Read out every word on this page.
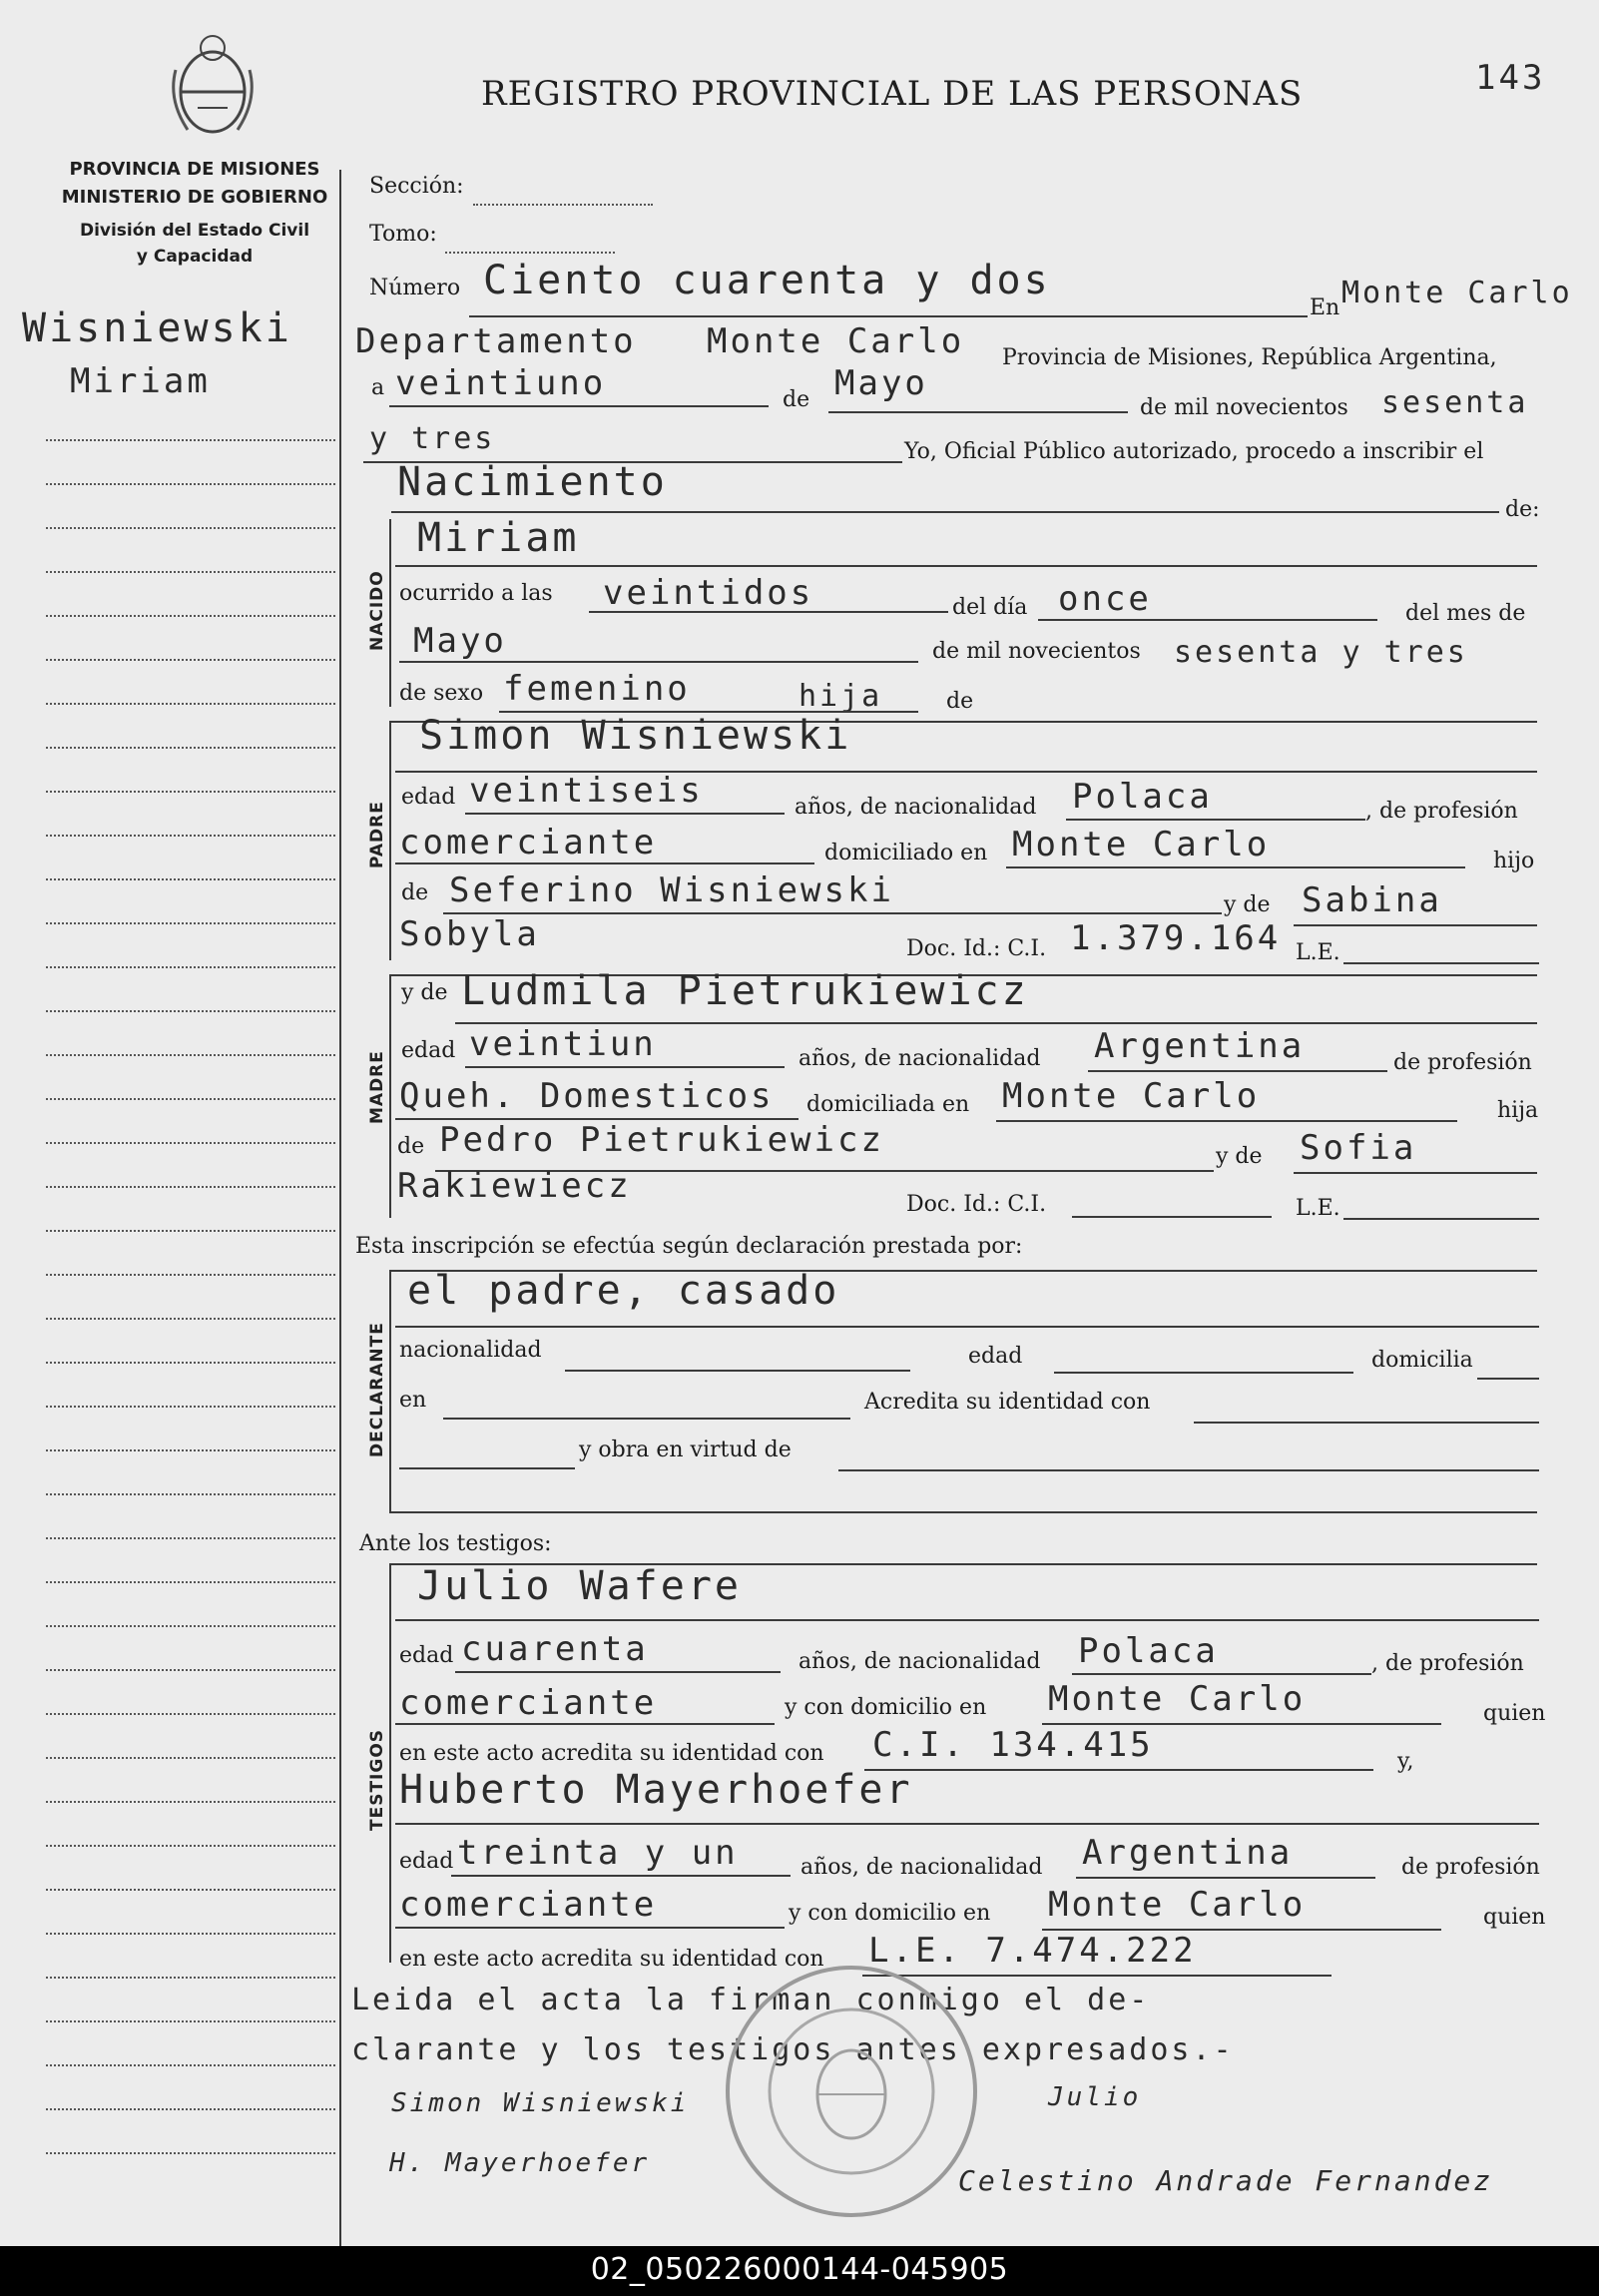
REGISTRO PROVINCIAL DE LAS PERSONAS	143
PROVINCIA DE MISIONES
MINISTERIO DE GOBIERNO
División del Estado Civil
y Capacidad
Wisniewski
Miriam
Sección:
Tomo:
Número Ciento cuarenta y dos
En Monte Carlo
Departamento Monte Carlo Provincia de Misiones, República Argentina,
a veintiuno	de Mayo
de mil novecientos sesenta
y tres	Yo, Oficial Público autorizado, procedo a inscribir el
Nacimiento
de:
NACIDO
Miriam
ocurrido a las veintidos	del día once	del mes de
Mayo	de mil novecientos sesenta y tres
de sexo femenino	hija	de
PADRE
Simon Wisniewski
edad veintiseis	años, de nacionalidad Polaca	, de profesión
comerciante	domiciliado en Monte Carlo	hijo
de Seferino Wisniewski	y de Sabina
Sobyla	Doc. Id.: C.I. 1.379.164 L.E.
MADRE
y de Ludmila Pietrukiewicz
edad veintiun	años, de nacionalidad Argentina	de profesión
Queh. Domesticos domiciliada en Monte Carlo	hija
de Pedro Pietrukiewicz	y de Sofia
Rakiewiecz	Doc. Id.: C.I.	L.E.
Esta inscripción se efectúa según declaración prestada por:
DECLARANTE
el padre, casado
nacionalidad	edad	domicilia
en	Acredita su identidad con
y obra en virtud de
Ante los testigos:
TESTIGOS
Julio Wafere
edad cuarenta	años, de nacionalidad Polaca	, de profesión
comerciante	y con domicilio en Monte Carlo	quien
en este acto acredita su identidad con C.I. 134.415	y,
Huberto Mayerhoefer
edad treinta y un	años, de nacionalidad Argentina	de profesión
comerciante	y con domicilio en Monte Carlo	quien
en este acto acredita su identidad con L.E. 7.474.222
Leida el acta la firman conmigo el de-
clarante y los testigos antes expresados.-
Simon Wisniewski
H. Mayerhoefer
Julio
Celestino Andrade Fernandez
02_050226000144-045905
